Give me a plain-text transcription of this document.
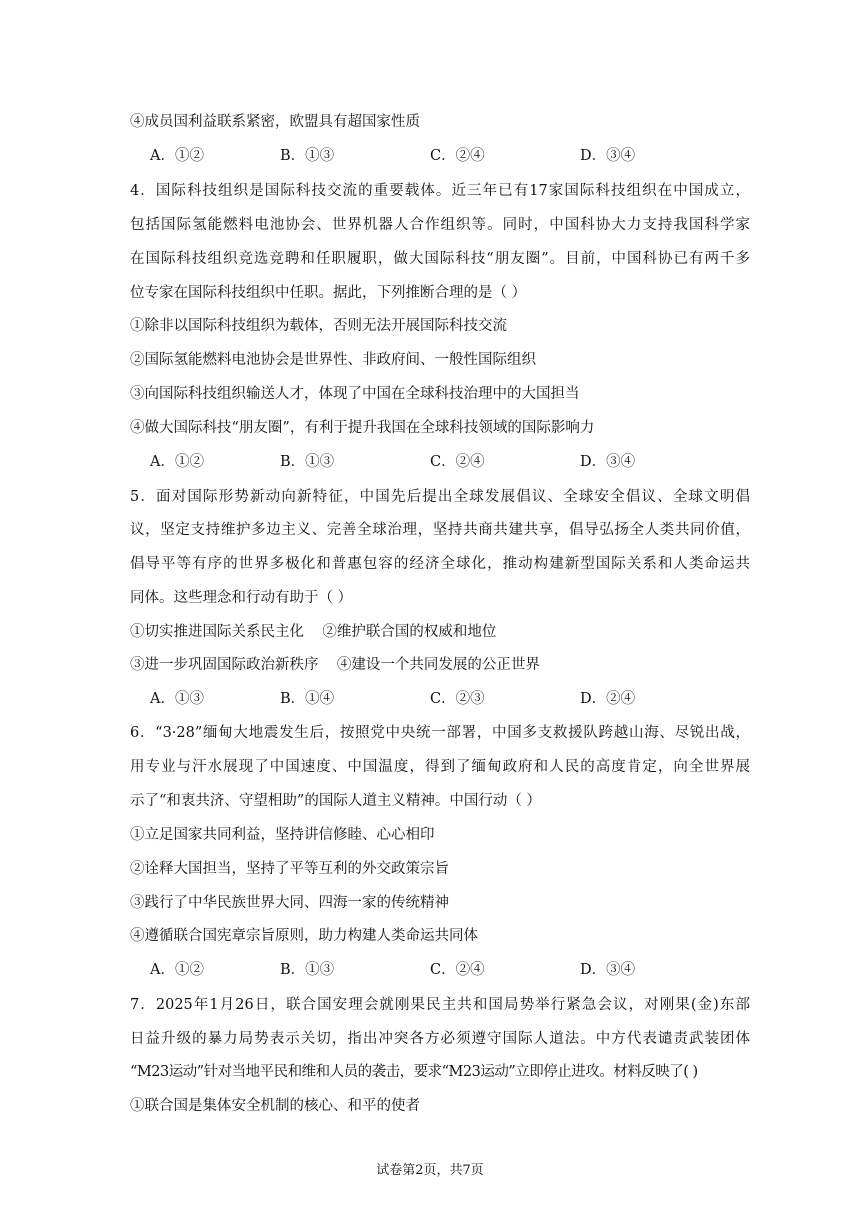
④成员国利益联系紧密，欧盟具有超国家性质
A．①②	B．①③	C．②④	D．③④
4．国际科技组织是国际科技交流的重要载体。近三年已有17家国际科技组织在中国成立，
包括国际氢能燃料电池协会、世界机器人合作组织等。同时，中国科协大力支持我国科学家
在国际科技组织竞选竞聘和任职履职，做大国际科技“朋友圈”。目前，中国科协已有两千多
位专家在国际科技组织中任职。据此，下列推断合理的是（ ）
①除非以国际科技组织为载体，否则无法开展国际科技交流
②国际氢能燃料电池协会是世界性、非政府间、一般性国际组织
③向国际科技组织输送人才，体现了中国在全球科技治理中的大国担当
④做大国际科技“朋友圈”，有利于提升我国在全球科技领域的国际影响力
A．①②	B．①③	C．②④	D．③④
5．面对国际形势新动向新特征，中国先后提出全球发展倡议、全球安全倡议、全球文明倡
议，坚定支持维护多边主义、完善全球治理，坚持共商共建共享，倡导弘扬全人类共同价值，
倡导平等有序的世界多极化和普惠包容的经济全球化，推动构建新型国际关系和人类命运共
同体。这些理念和行动有助于（ ）
①切实推进国际关系民主化    ②维护联合国的权威和地位
③进一步巩固国际政治新秩序    ④建设一个共同发展的公正世界
A．①③	B．①④	C．②③	D．②④
6．“3·28”缅甸大地震发生后，按照党中央统一部署，中国多支救援队跨越山海、尽锐出战，
用专业与汗水展现了中国速度、中国温度，得到了缅甸政府和人民的高度肯定，向全世界展
示了“和衷共济、守望相助”的国际人道主义精神。中国行动（ ）
①立足国家共同利益，坚持讲信修睦、心心相印
②诠释大国担当，坚持了平等互利的外交政策宗旨
③践行了中华民族世界大同、四海一家的传统精神
④遵循联合国宪章宗旨原则，助力构建人类命运共同体
A．①②	B．①③	C．②④	D．③④
7．2025年1月26日，联合国安理会就刚果民主共和国局势举行紧急会议，对刚果(金)东部
日益升级的暴力局势表示关切，指出冲突各方必须遵守国际人道法。中方代表谴责武装团体
“M23运动”针对当地平民和维和人员的袭击，要求“M23运动”立即停止进攻。材料反映了( )
①联合国是集体安全机制的核心、和平的使者
试卷第2页，共7页
